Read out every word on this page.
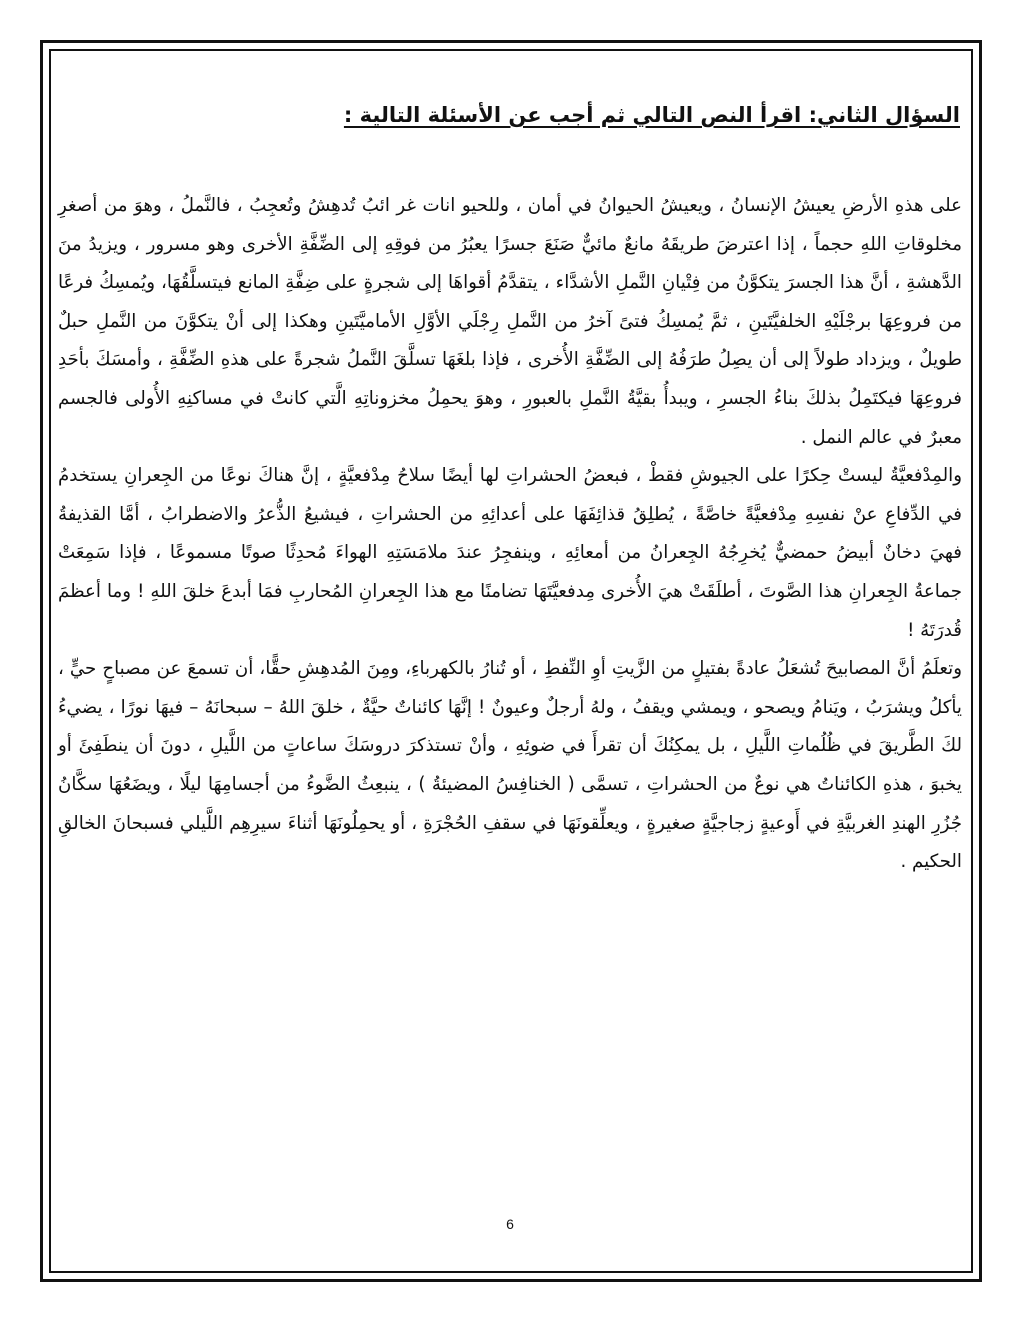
السؤال الثاني: اقرأ النص التالي ثم أجب عن الأسئلة التالية :

على هذهِ الأرضِ يعيشُ الإنسانُ ، ويعيشُ الحيوانُ في أمان ، وللحيو انات غر ائبُ تُدهِشُ وتُعجِبُ ، فالنَّملُ ، وهوَ من أصغرِ مخلوقاتِ اللهِ حجماً ، إذا اعترضَ طريقَهُ مانعٌ مائيٌّ صَنَعَ جسرًا يعبُرُ من فوقِهِ إلى الضِّفَّةِ الأخرى وهو مسرور ، ويزيدُ منَ الدَّهشةِ ، أنَّ هذا الجسرَ يتكوَّنُ من فِتْيانِ النَّملِ الأشدَّاء ، يتقدَّمُ أقواهَا إلى شجرةٍ على ضِفَّةِ المانع فيتسلَّقُهَا، ويُمسِكُ فرعًا من فروعِهَا برجْلَيْهِ الخلفيَّتَينِ ، ثمَّ يُمسِكُ فتىً آخرُ من النَّملِ رِجْلَي الأوَّلِ الأماميَّتَينِ وهكذا إلى أنْ يتكوَّنَ من النَّملِ حبلٌ طويلٌ ، ويزداد طولاً إلى أن يصِلُ طرَفُهُ إلى الضِّفَّةِ الأُخرى ، فإذا بلغَهَا تسلَّقَ النَّملُ شجرةً على هذهِ الضِّفَّةِ ، وأمسَكَ بأحَدِ فروعِهَا فيكتَمِلُ بذلكَ بناءُ الجسرِ ، ويبدأُ بقيَّةُ النَّملِ بالعبورِ ، وهوَ يحمِلُ مخزوناتِهِ الَّتي كانتْ في مساكنِهِ الأُولى فالجسم معبرٌ في عالم النمل .

والمِدْفعيَّةُ ليستْ حِكرًا على الجيوشِ فقطْ ، فبعضُ الحشراتِ لها أيضًا سلاحُ مِدْفعيَّةٍ ، إنَّ هناكَ نوعًا من الجِعرانِ يستخدمُ في الدِّفاعِ عنْ نفسِهِ مِدْفعيَّةً خاصَّةً ، يُطلِقُ قذائِفَهَا على أعدائِهِ من الحشراتِ ، فيشيعُ الذُّعرُ والاضطرابُ ، أمَّا القذيفةُ فهيَ دخانٌ أبيضُ حمضيٌّ يُخرِجُهُ الجِعرانُ من أمعائِهِ ، وينفجِرُ عندَ ملامَسَتِهِ الهواءَ مُحدِثًا صوتًا مسموعًا ، فإذا سَمِعَتْ جماعةُ الجِعرانِ هذا الصَّوتَ ، أطلَقَتْ هيَ الأُخرى مِدفعيَّتَهَا تضامنًا مع هذا الجِعرانِ المُحاربِ فمَا أبدعَ خلقَ اللهِ ! وما أعظمَ قُدرَتَهُ !

وتعلَمُ أنَّ المصابيحَ تُشعَلُ عادةً بفتيلٍ من الزَّيتِ أوِ النِّفطِ ، أو تُنارُ بالكهرباءِ، ومِنَ المُدهِشِ حقًّا، أن تسمعَ عن مصباحٍ حيٍّ ، يأكلُ ويشرَبُ ، ويَنامُ ويصحو ، ويمشي ويقفُ ، ولهُ أرجلٌ وعيونٌ ! إنَّهَا كائناتٌ حيَّةٌ ، خلقَ اللهُ – سبحانَهُ – فيهَا نورًا ، يضيءُ لكَ الطَّريقَ في ظُلُماتِ اللَّيلِ ، بل يمكِنُكَ أن تقرأَ في ضوئِهِ ، وأنْ تستذكرَ دروسَكَ ساعاتٍ من اللَّيلِ ، دونَ أن ينطَفِئَ أو يخبوَ ، هذهِ الكائناتُ هي نوعٌ من الحشراتِ ، تسمَّى ( الخنافِسُ المضيئةُ ) ، ينبعِثُ الضَّوءُ من أجسامِهَا ليلًا ، ويضَعُهَا سكَّانُ جُزُرِ الهندِ الغربيَّةِ في أَوعيةٍ زجاجيَّةٍ صغيرةٍ ، ويعلِّقونَهَا في سقفِ الحُجْرَةِ ، أو يحمِلُونَهَا أثناءَ سيرِهِم اللَّيلي فسبحانَ الخالقِ الحكيم .

6
